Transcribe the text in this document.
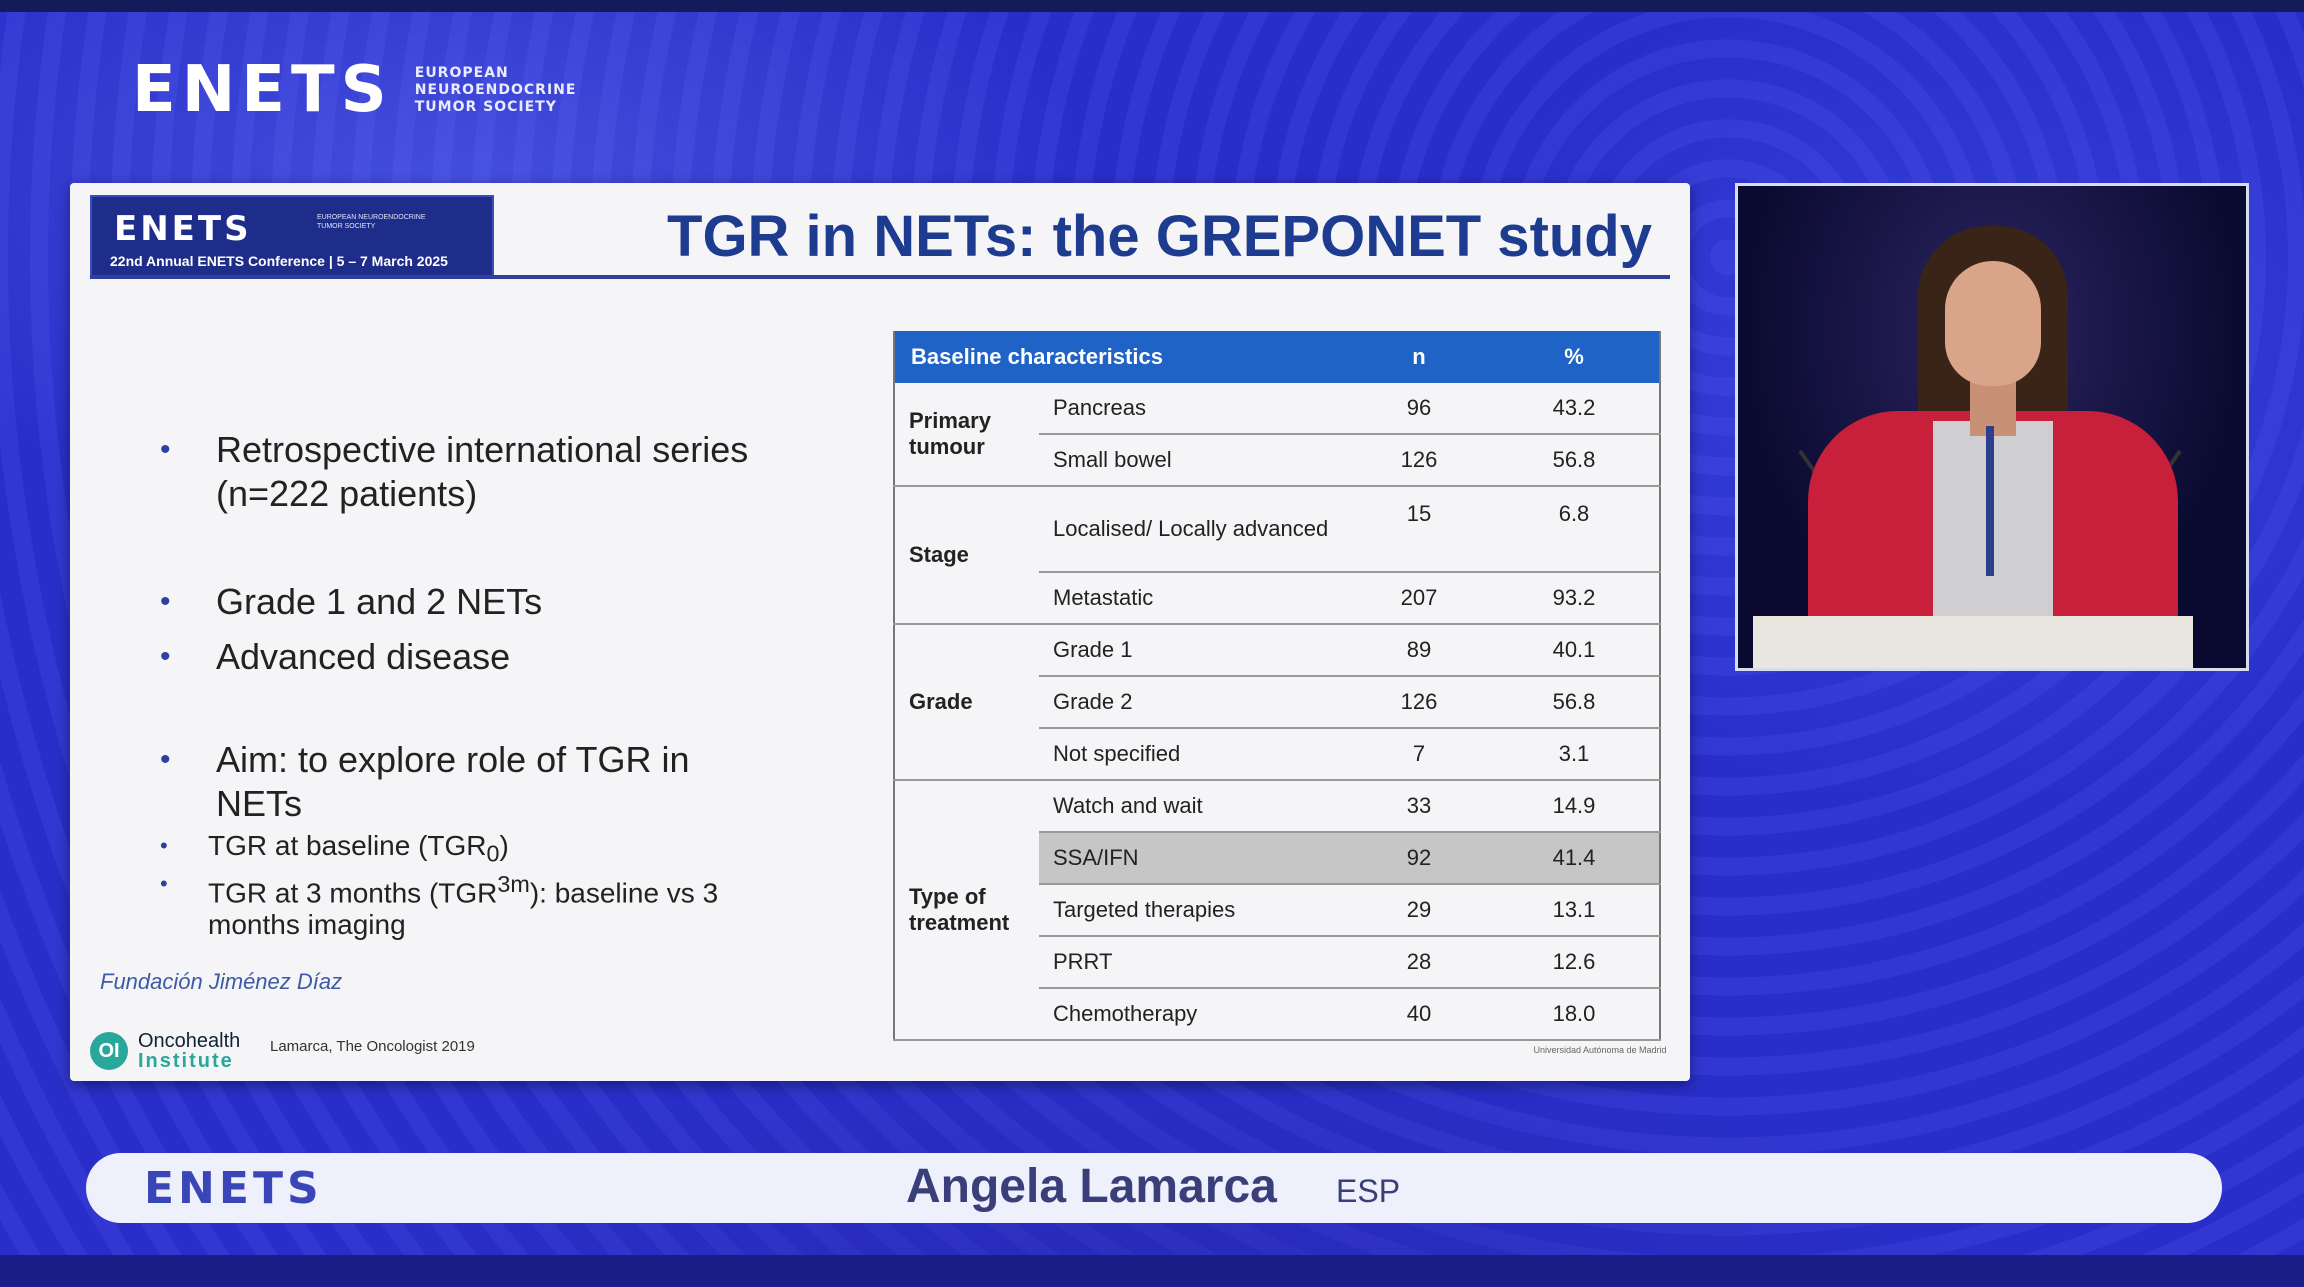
ENETS EUROPEAN
NEUROENDOCRINE
TUMOR SOCIETY
ENETS	EUROPEAN NEUROENDOCRINE TUMOR SOCIETY
22nd Annual ENETS Conference | 5 – 7 March 2025	TGR in NETs: the GREPONET study
• Retrospective international series
(n=222 patients)
• Grade 1 and 2 NETs
• Advanced disease
• Aim: to explore role of TGR in
NETs
• TGR at baseline $(TGR_0)$
• TGR at 3 months $(TGR^{3m})$: baseline vs 3
months imaging
Fundación Jiménez Díaz
OI Oncohealth
Institute
Lamarca, The Oncologist 2019	Universidad Autónoma de Madrid
Baseline characteristics		n	%
Primary tumour	Pancreas	96	43.2
	Small bowel	126	56.8
Stage	Localised/ Locally advanced	15	6.8
	Metastatic	207	93.2
Grade	Grade 1	89	40.1
	Grade 2	126	56.8
	Not specified	7	3.1
Type of treatment	Watch and wait	33	14.9
	SSA/IFN	92	41.4
	Targeted therapies	29	13.1
	PRRT	28	12.6
	Chemotherapy	40	18.0
ENETS	Angela Lamarca ESP
